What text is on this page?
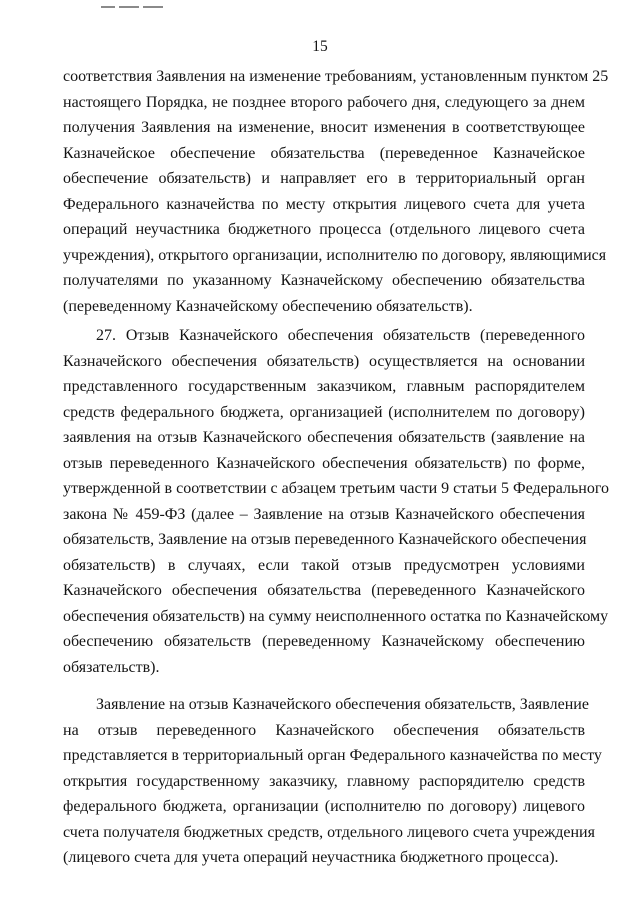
15
соответствия Заявления на изменение требованиям, установленным пунктом 25
настоящего Порядка, не позднее второго рабочего дня, следующего за днем
получения Заявления на изменение, вносит изменения в соответствующее
Казначейское обеспечение обязательства (переведенное Казначейское
обеспечение обязательств) и направляет его в территориальный орган
Федерального казначейства по месту открытия лицевого счета для учета
операций неучастника бюджетного процесса (отдельного лицевого счета
учреждения), открытого организации, исполнителю по договору, являющимися
получателями по указанному Казначейскому обеспечению обязательства
(переведенному Казначейскому обеспечению обязательств).
27. Отзыв Казначейского обеспечения обязательств (переведенного
Казначейского обеспечения обязательств) осуществляется на основании
представленного государственным заказчиком, главным распорядителем
средств федерального бюджета, организацией (исполнителем по договору)
заявления на отзыв Казначейского обеспечения обязательств (заявление на
отзыв переведенного Казначейского обеспечения обязательств) по форме,
утвержденной в соответствии с абзацем третьим части 9 статьи 5 Федерального
закона № 459-ФЗ (далее – Заявление на отзыв Казначейского обеспечения
обязательств, Заявление на отзыв переведенного Казначейского обеспечения
обязательств) в случаях, если такой отзыв предусмотрен условиями
Казначейского обеспечения обязательства (переведенного Казначейского
обеспечения обязательств) на сумму неисполненного остатка по Казначейскому
обеспечению обязательств (переведенному Казначейскому обеспечению
обязательств).
Заявление на отзыв Казначейского обеспечения обязательств, Заявление
на отзыв переведенного Казначейского обеспечения обязательств
представляется в территориальный орган Федерального казначейства по месту
открытия государственному заказчику, главному распорядителю средств
федерального бюджета, организации (исполнителю по договору) лицевого
счета получателя бюджетных средств, отдельного лицевого счета учреждения
(лицевого счета для учета операций неучастника бюджетного процесса).
